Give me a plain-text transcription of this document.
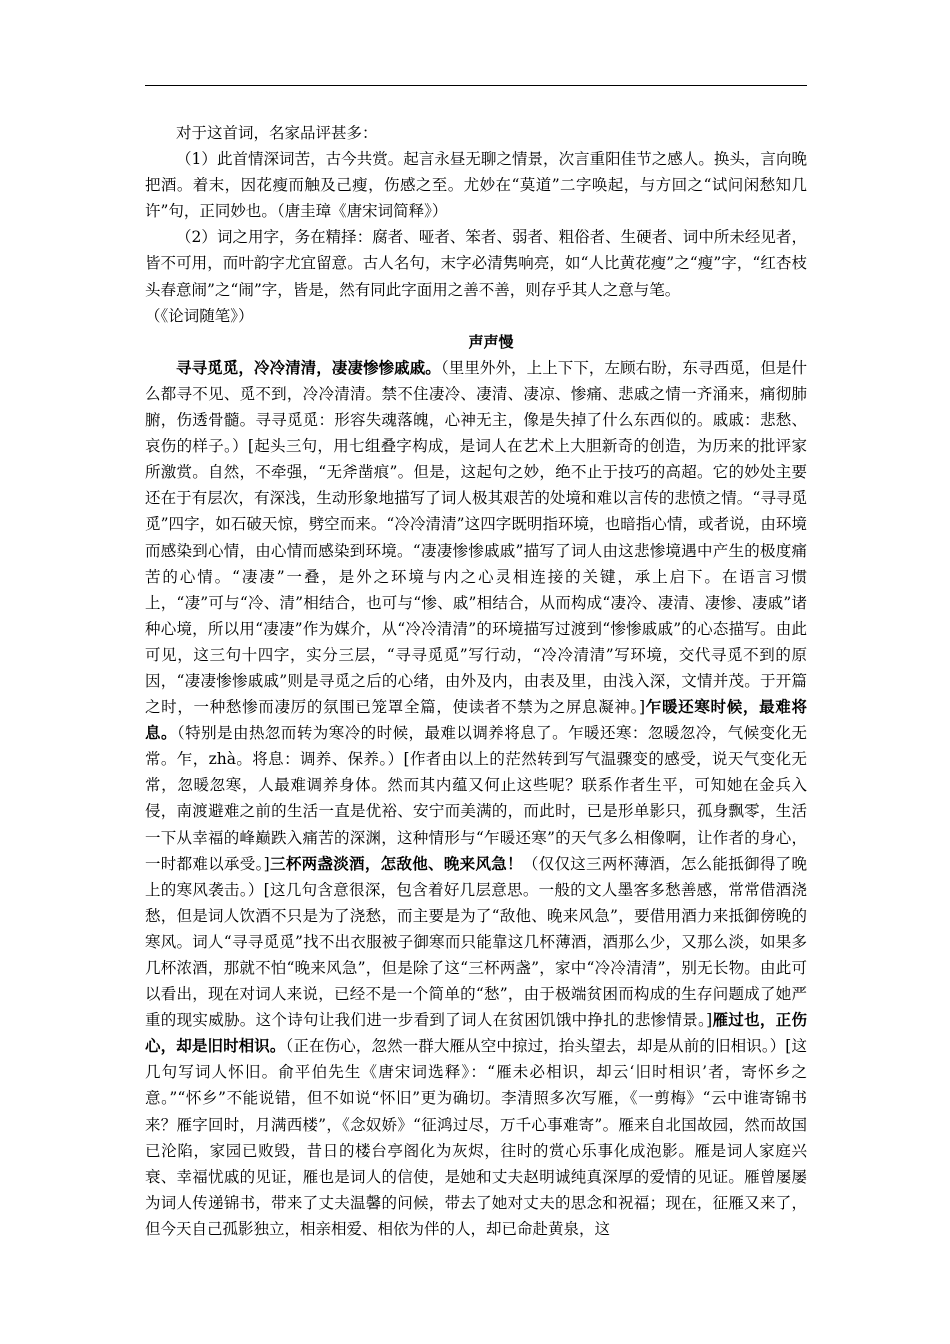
对于这首词，名家品评甚多：

（1）此首情深词苦，古今共赏。起言永昼无聊之情景，次言重阳佳节之感人。换头，言向晚把酒。着末，因花瘦而触及己瘦，伤感之至。尤妙在“莫道”二字唤起，与方回之“试问闲愁知几许”句，正同妙也。（唐圭璋《唐宋词简释》）

（2）词之用字，务在精择：腐者、哑者、笨者、弱者、粗俗者、生硬者、词中所未经见者，皆不可用，而叶韵字尤宜留意。古人名句，末字必清隽响亮，如“人比黄花瘦”之“瘦”字，“红杏枝头春意闹”之“闹”字，皆是，然有同此字面用之善不善，则存乎其人之意与笔。

（《论词随笔》）

声声慢

寻寻觅觅，冷冷清清，凄凄惨惨戚戚。（里里外外，上上下下，左顾右盼，东寻西觅，但是什么都寻不见、觅不到，冷冷清清。禁不住凄冷、凄清、凄凉、惨痛、悲戚之情一齐涌来，痛彻肺腑，伤透骨髓。寻寻觅觅：形容失魂落魄，心神无主，像是失掉了什么东西似的。戚戚：悲愁、哀伤的样子。）[起头三句，用七组叠字构成，是词人在艺术上大胆新奇的创造，为历来的批评家所激赏。自然，不牵强，“无斧凿痕”。但是，这起句之妙，绝不止于技巧的高超。它的妙处主要还在于有层次，有深浅，生动形象地描写了词人极其艰苦的处境和难以言传的悲愤之情。“寻寻觅觅”四字，如石破天惊，劈空而来。“冷冷清清”这四字既明指环境，也暗指心情，或者说，由环境而感染到心情，由心情而感染到环境。“凄凄惨惨戚戚”描写了词人由这悲惨境遇中产生的极度痛苦的心情。“凄凄”一叠，是外之环境与内之心灵相连接的关键，承上启下。在语言习惯上，“凄”可与“冷、清”相结合，也可与“惨、戚”相结合，从而构成“凄冷、凄清、凄惨、凄戚”诸种心境，所以用“凄凄”作为媒介，从“冷冷清清”的环境描写过渡到“惨惨戚戚”的心态描写。由此可见，这三句十四字，实分三层，“寻寻觅觅”写行动，“冷冷清清”写环境，交代寻觅不到的原因，“凄凄惨惨戚戚”则是寻觅之后的心绪，由外及内，由表及里，由浅入深，文情并茂。于开篇之时，一种愁惨而凄厉的氛围已笼罩全篇，使读者不禁为之屏息凝神。]乍暖还寒时候，最难将息。（特别是由热忽而转为寒冷的时候，最难以调养将息了。乍暖还寒：忽暖忽冷，气候变化无常。乍，zhà。将息：调养、保养。）[作者由以上的茫然转到写气温骤变的感受，说天气变化无常，忽暖忽寒，人最难调养身体。然而其内蕴又何止这些呢？联系作者生平，可知她在金兵入侵，南渡避难之前的生活一直是优裕、安宁而美满的，而此时，已是形单影只，孤身飘零，生活一下从幸福的峰巅跌入痛苦的深渊，这种情形与“乍暖还寒”的天气多么相像啊，让作者的身心，一时都难以承受。]三杯两盏淡酒，怎敌他、晚来风急！（仅仅这三两杯薄酒，怎么能抵御得了晚上的寒风袭击。）[这几句含意很深，包含着好几层意思。一般的文人墨客多愁善感，常常借酒浇愁，但是词人饮酒不只是为了浇愁，而主要是为了“敌他、晚来风急”，要借用酒力来抵御傍晚的寒风。词人“寻寻觅觅”找不出衣服被子御寒而只能靠这几杯薄酒，酒那么少，又那么淡，如果多几杯浓酒，那就不怕“晚来风急”，但是除了这“三杯两盏”，家中“冷冷清清”，别无长物。由此可以看出，现在对词人来说，已经不是一个简单的“愁”，由于极端贫困而构成的生存问题成了她严重的现实威胁。这个诗句让我们进一步看到了词人在贫困饥饿中挣扎的悲惨情景。]雁过也，正伤心，却是旧时相识。（正在伤心，忽然一群大雁从空中掠过，抬头望去，却是从前的旧相识。）[这几句写词人怀旧。俞平伯先生《唐宋词选释》：“雁未必相识，却云‘旧时相识’者，寄怀乡之意。”“怀乡”不能说错，但不如说“怀旧”更为确切。李清照多次写雁，《一剪梅》“云中谁寄锦书来？雁字回时，月满西楼”，《念奴娇》“征鸿过尽，万千心事难寄”。雁来自北国故园，然而故国已沦陷，家园已败毁，昔日的楼台亭阁化为灰烬，往时的赏心乐事化成泡影。雁是词人家庭兴衰、幸福忧戚的见证，雁也是词人的信使，是她和丈夫赵明诚纯真深厚的爱情的见证。雁曾屡屡为词人传递锦书，带来了丈夫温馨的问候，带去了她对丈夫的思念和祝福；现在，征雁又来了，但今天自己孤影独立，相亲相爱、相依为伴的人，却已命赴黄泉，这
